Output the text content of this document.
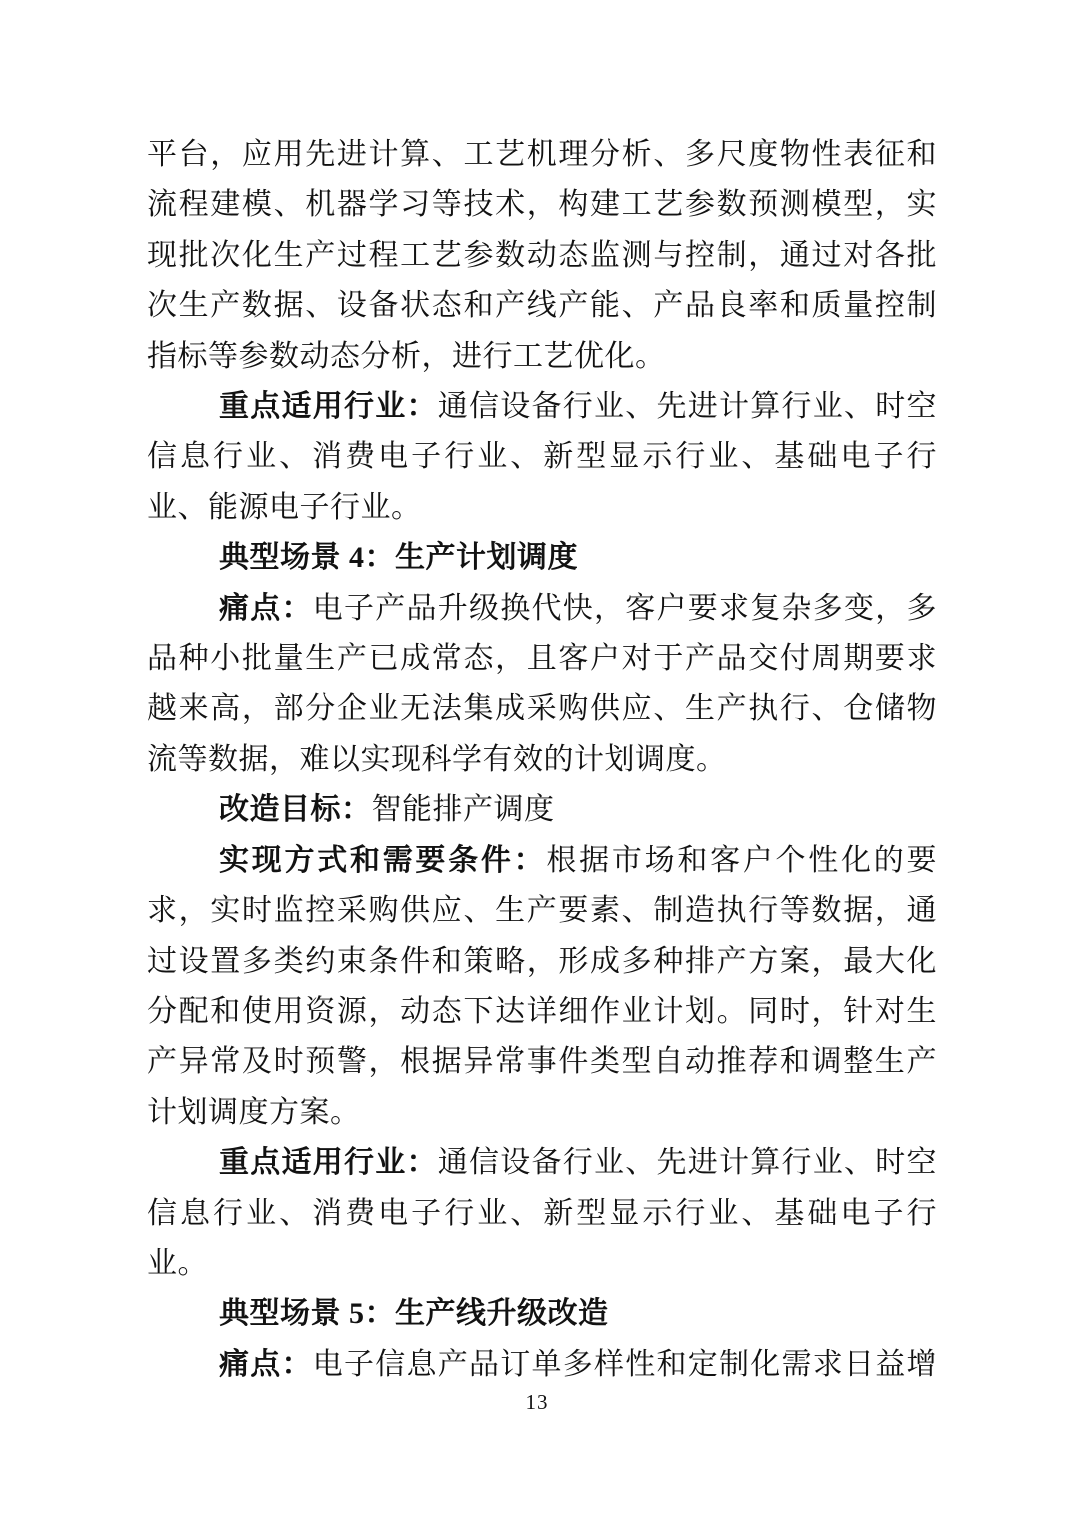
平台，应用先进计算、工艺机理分析、多尺度物性表征和流程建模、机器学习等技术，构建工艺参数预测模型，实现批次化生产过程工艺参数动态监测与控制，通过对各批次生产数据、设备状态和产线产能、产品良率和质量控制指标等参数动态分析，进行工艺优化。

重点适用行业：通信设备行业、先进计算行业、时空信息行业、消费电子行业、新型显示行业、基础电子行业、能源电子行业。

典型场景 4：生产计划调度

痛点：电子产品升级换代快，客户要求复杂多变，多品种小批量生产已成常态，且客户对于产品交付周期要求越来高，部分企业无法集成采购供应、生产执行、仓储物流等数据，难以实现科学有效的计划调度。

改造目标：智能排产调度

实现方式和需要条件：根据市场和客户个性化的要求，实时监控采购供应、生产要素、制造执行等数据，通过设置多类约束条件和策略，形成多种排产方案，最大化分配和使用资源，动态下达详细作业计划。同时，针对生产异常及时预警，根据异常事件类型自动推荐和调整生产计划调度方案。

重点适用行业：通信设备行业、先进计算行业、时空信息行业、消费电子行业、新型显示行业、基础电子行业。

典型场景 5：生产线升级改造

痛点：电子信息产品订单多样性和定制化需求日益增

13
